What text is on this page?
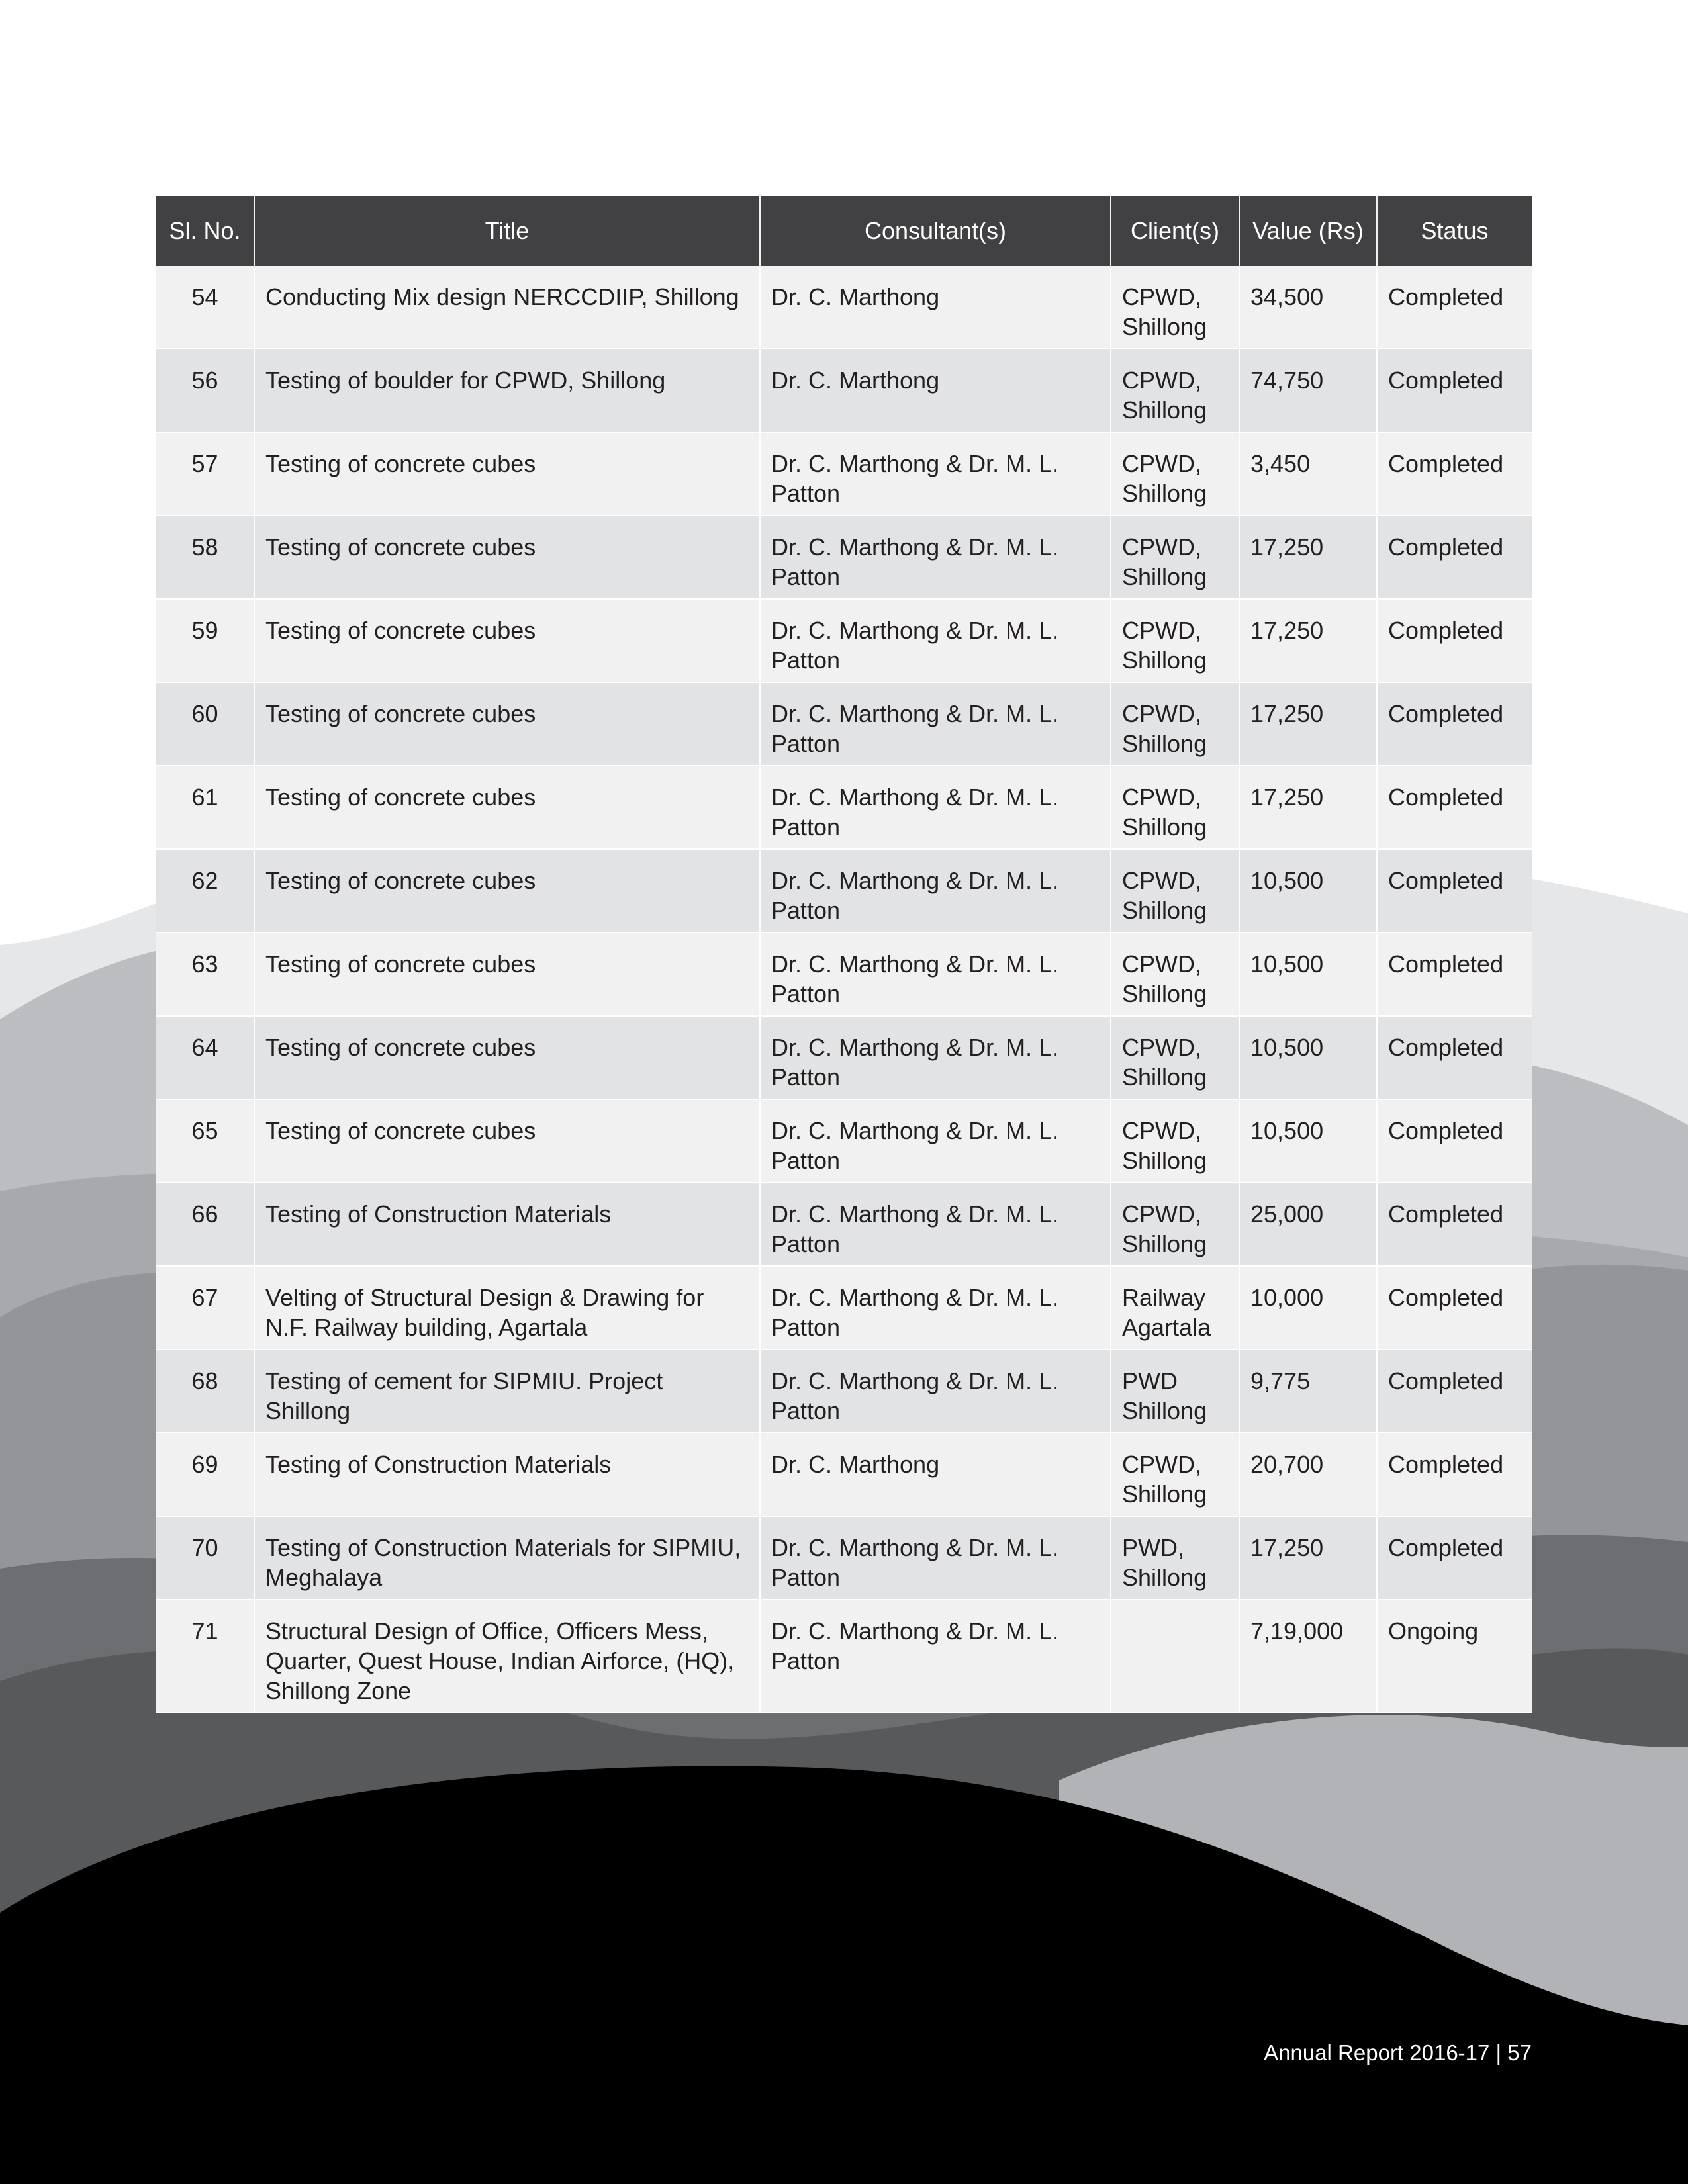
Sl. No.	Title	Consultant(s)	Client(s)	Value (Rs)	Status
54	Conducting Mix design NERCCDIIP, Shillong	Dr. C. Marthong	CPWD, Shillong	34,500	Completed
56	Testing of boulder for CPWD, Shillong	Dr. C. Marthong	CPWD, Shillong	74,750	Completed
57	Testing of concrete cubes	Dr. C. Marthong & Dr. M. L. Patton	CPWD, Shillong	3,450	Completed
58	Testing of concrete cubes	Dr. C. Marthong & Dr. M. L. Patton	CPWD, Shillong	17,250	Completed
59	Testing of concrete cubes	Dr. C. Marthong & Dr. M. L. Patton	CPWD, Shillong	17,250	Completed
60	Testing of concrete cubes	Dr. C. Marthong & Dr. M. L. Patton	CPWD, Shillong	17,250	Completed
61	Testing of concrete cubes	Dr. C. Marthong & Dr. M. L. Patton	CPWD, Shillong	17,250	Completed
62	Testing of concrete cubes	Dr. C. Marthong & Dr. M. L. Patton	CPWD, Shillong	10,500	Completed
63	Testing of concrete cubes	Dr. C. Marthong & Dr. M. L. Patton	CPWD, Shillong	10,500	Completed
64	Testing of concrete cubes	Dr. C. Marthong & Dr. M. L. Patton	CPWD, Shillong	10,500	Completed
65	Testing of concrete cubes	Dr. C. Marthong & Dr. M. L. Patton	CPWD, Shillong	10,500	Completed
66	Testing of Construction Materials	Dr. C. Marthong & Dr. M. L. Patton	CPWD, Shillong	25,000	Completed
67	Velting of Structural Design & Drawing for N.F. Railway building, Agartala	Dr. C. Marthong & Dr. M. L. Patton	Railway Agartala	10,000	Completed
68	Testing of cement for SIPMIU. Project Shillong	Dr. C. Marthong & Dr. M. L. Patton	PWD Shillong	9,775	Completed
69	Testing of Construction Materials	Dr. C. Marthong	CPWD, Shillong	20,700	Completed
70	Testing of Construction Materials for SIPMIU, Meghalaya	Dr. C. Marthong & Dr. M. L. Patton	PWD, Shillong	17,250	Completed
71	Structural Design of Office, Officers Mess, Quarter, Quest House, Indian Airforce, (HQ), Shillong Zone	Dr. C. Marthong & Dr. M. L. Patton		7,19,000	Ongoing
Annual Report 2016-17 | 57
